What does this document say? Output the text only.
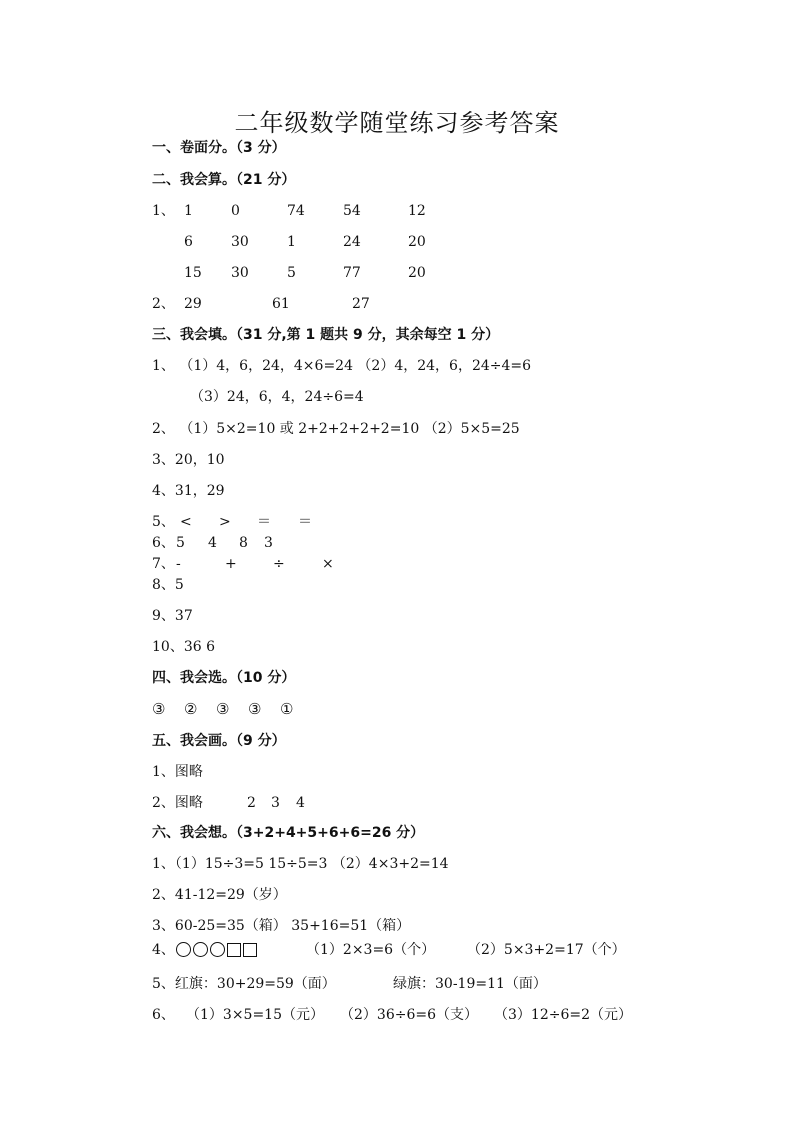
二年级数学随堂练习参考答案
一、卷面分。（3 分）
二、我会算。（21 分）
1、 1	0	74	54	12
6	30	1	24	20
15 30	5	77	20
2、 29	61	27
三、我会填。（31 分,第 1 题共 9 分，其余每空 1 分）
1、 （1）4，6，24，4×6=24 （2）4，24，6，24÷4=6
（3）24，6，4，24÷6=4
2、 （1）5×2=10 或 2+2+2+2+2=10 （2）5×5=25
3、20，10
4、31，29
5、 < > ＝ ＝
6、 5 4 8 3
7、 -	+	÷	×
8、5
9、37
10、36 6
四、我会选。（10 分）
③ ② ③ ③ ①
五、我会画。（9 分）
1、图略
2、图略	2 3 4
六、我会想。（3+2+4+5+6+6=26 分）
1、（1）15÷3=5 15÷5=3 （2）4×3+2=14
2、41-12=29（岁）
3、60-25=35（箱） 35+16=51（箱）
4、	（1）2×3=6（个） （2）5×3+2=17（个）
5、红旗：30+29=59（面）	绿旗：30-19=11（面）
6、 （1）3×5=15（元） （2）36÷6=6（支） （3）12÷6=2（元）
